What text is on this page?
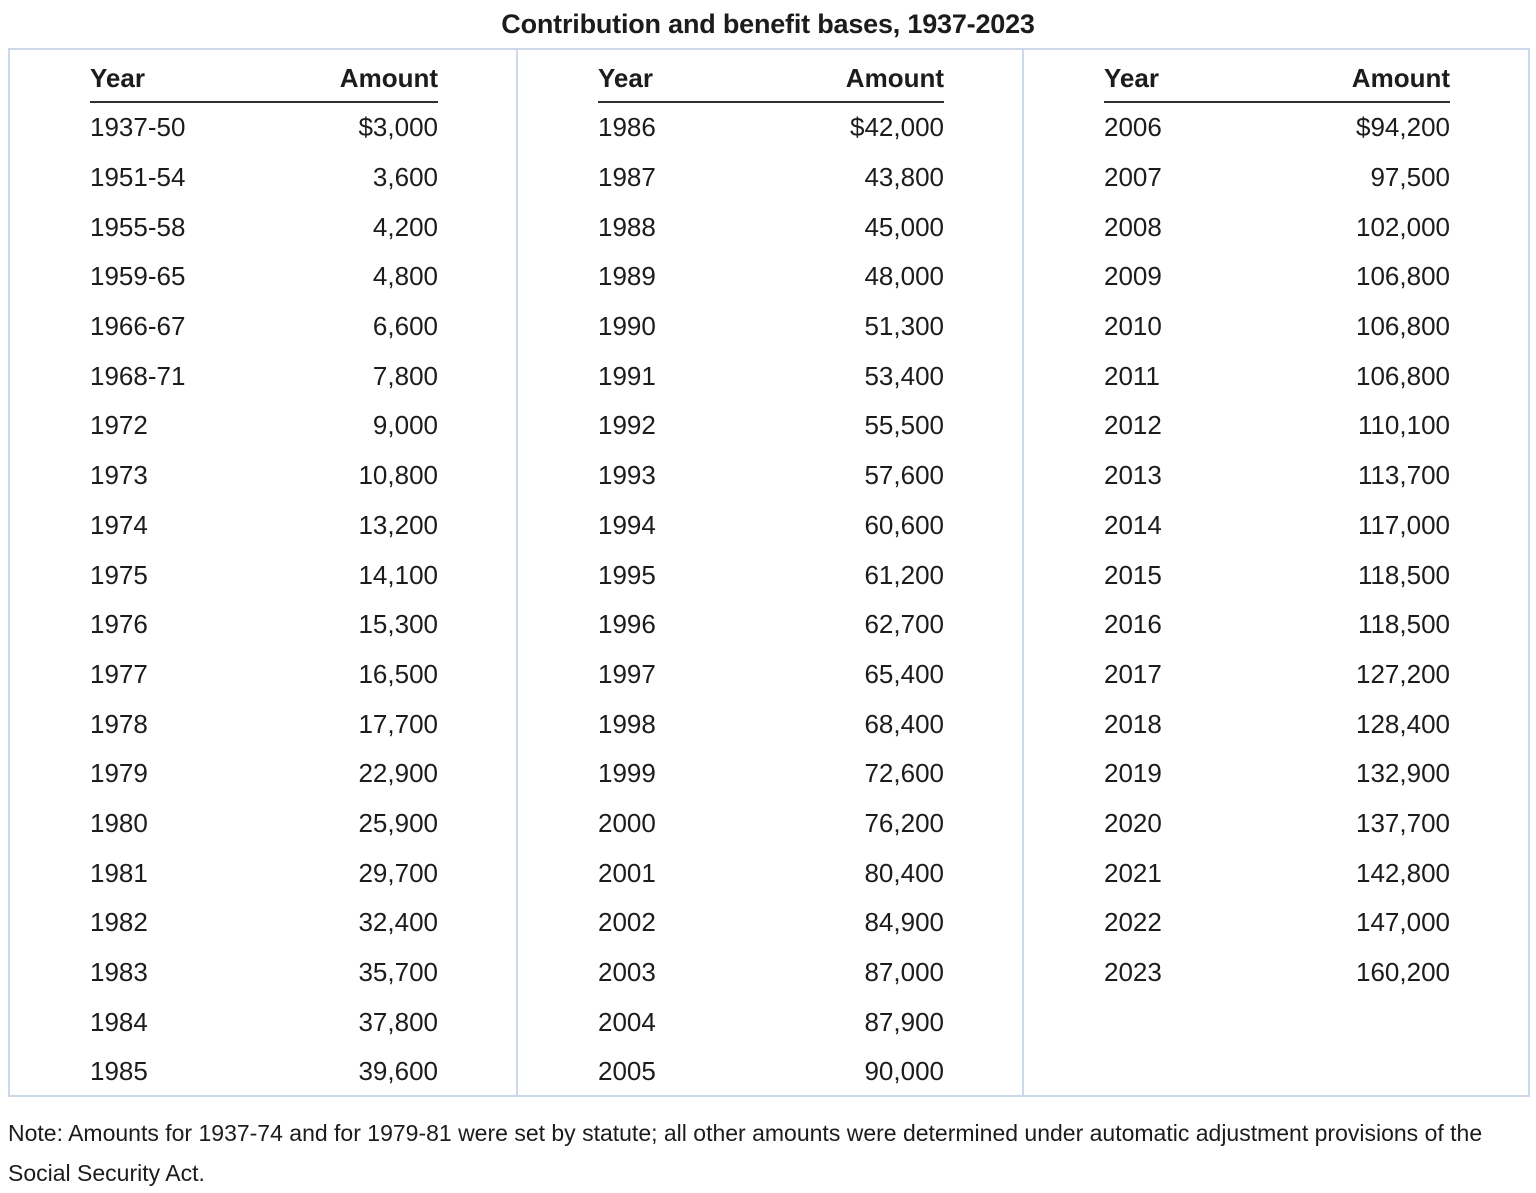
Contribution and benefit bases, 1937-2023
Year	Amount
1937-50	$3,000
1951-54	3,600
1955-58	4,200
1959-65	4,800
1966-67	6,600
1968-71	7,800
1972	9,000
1973	10,800
1974	13,200
1975	14,100
1976	15,300
1977	16,500
1978	17,700
1979	22,900
1980	25,900
1981	29,700
1982	32,400
1983	35,700
1984	37,800
1985	39,600
Year	Amount
1986	$42,000
1987	43,800
1988	45,000
1989	48,000
1990	51,300
1991	53,400
1992	55,500
1993	57,600
1994	60,600
1995	61,200
1996	62,700
1997	65,400
1998	68,400
1999	72,600
2000	76,200
2001	80,400
2002	84,900
2003	87,000
2004	87,900
2005	90,000
Year	Amount
2006	$94,200
2007	97,500
2008	102,000
2009	106,800
2010	106,800
2011	106,800
2012	110,100
2013	113,700
2014	117,000
2015	118,500
2016	118,500
2017	127,200
2018	128,400
2019	132,900
2020	137,700
2021	142,800
2022	147,000
2023	160,200
Note: Amounts for 1937-74 and for 1979-81 were set by statute; all other amounts were determined under automatic adjustment provisions of the Social Security Act.
